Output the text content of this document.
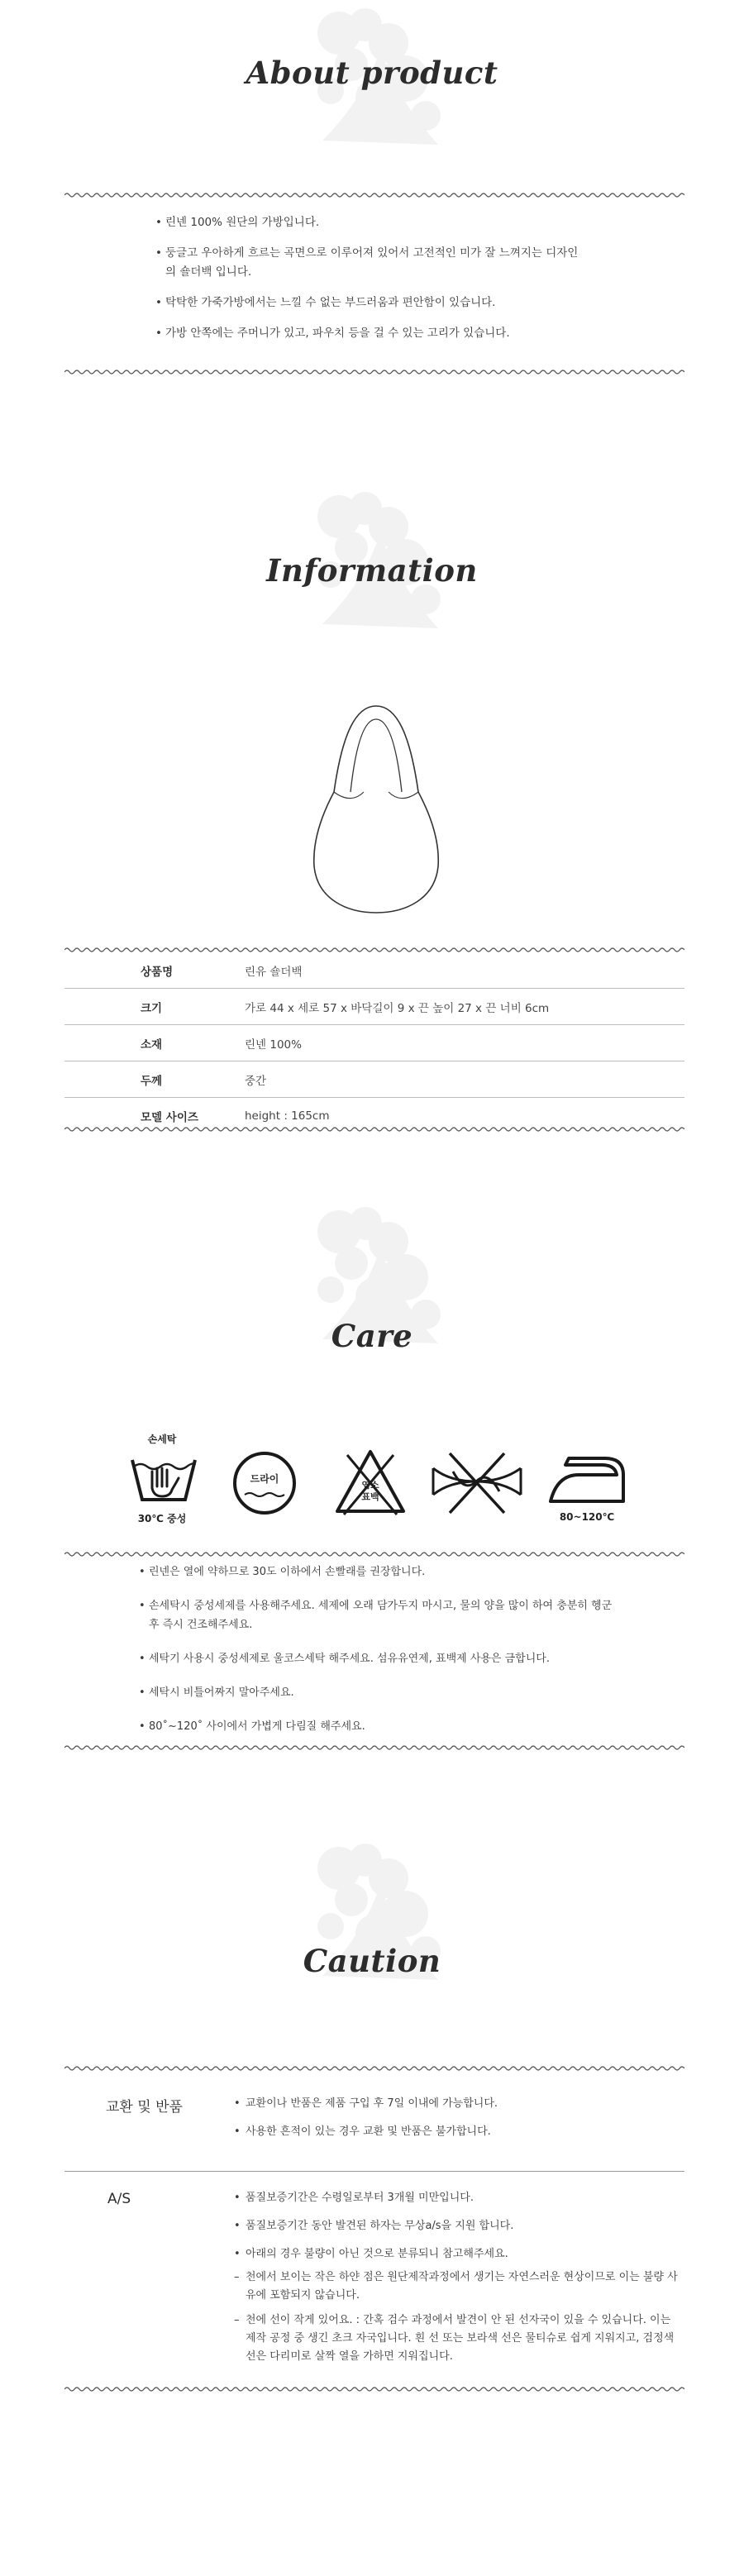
About product
• 린넨 100% 원단의 가방입니다.
• 둥글고 우아하게 흐르는 곡면으로 이루어져 있어서 고전적인 미가 잘 느껴지는 디자인의 숄더백 입니다.
• 탁탁한 가죽가방에서는 느낄 수 없는 부드러움과 편안함이 있습니다.
• 가방 안쪽에는 주머니가 있고, 파우치 등을 걸 수 있는 고리가 있습니다.
Information
상품명	린유 숄더백
크기	가로 44 x 세로 57 x 바닥길이 9 x 끈 높이 27 x 끈 너비 6cm
소재	린넨 100%
두께	중간
모델 사이즈	height : 165cm
Care
손세탁
30℃ 중성
드라이
염소
표백
80~120℃
• 린넨은 열에 약하므로 30도 이하에서 손빨래를 권장합니다.
• 손세탁시 중성세제를 사용해주세요. 세제에 오래 담가두지 마시고, 물의 양을 많이 하여 충분히 헹군 후 즉시 건조해주세요.
• 세탁기 사용시 중성세제로 울코스세탁 해주세요. 섬유유연제, 표백제 사용은 금합니다.
• 세탁시 비틀어짜지 말아주세요.
• 80˚~120˚ 사이에서 가볍게 다림질 해주세요.
Caution
교환 및 반품	• 교환이나 반품은 제품 구입 후 7일 이내에 가능합니다.
• 사용한 흔적이 있는 경우 교환 및 반품은 불가합니다.
A/S	• 품질보증기간은 수령일로부터 3개월 미만입니다.
• 품질보증기간 동안 발견된 하자는 무상a/s을 지원 합니다.
• 아래의 경우 불량이 아닌 것으로 분류되니 참고해주세요.
– 천에서 보이는 작은 하얀 점은 원단제작과정에서 생기는 자연스러운 현상이므로 이는 불량 사유에 포함되지 않습니다.
– 천에 선이 작게 있어요. : 간혹 검수 과정에서 발견이 안 된 선자국이 있을 수 있습니다. 이는 제작 공정 중 생긴 초크 자국입니다. 흰 선 또는 보라색 선은 물티슈로 쉽게 지워지고, 검정색 선은 다리미로 살짝 열을 가하면 지워집니다.
